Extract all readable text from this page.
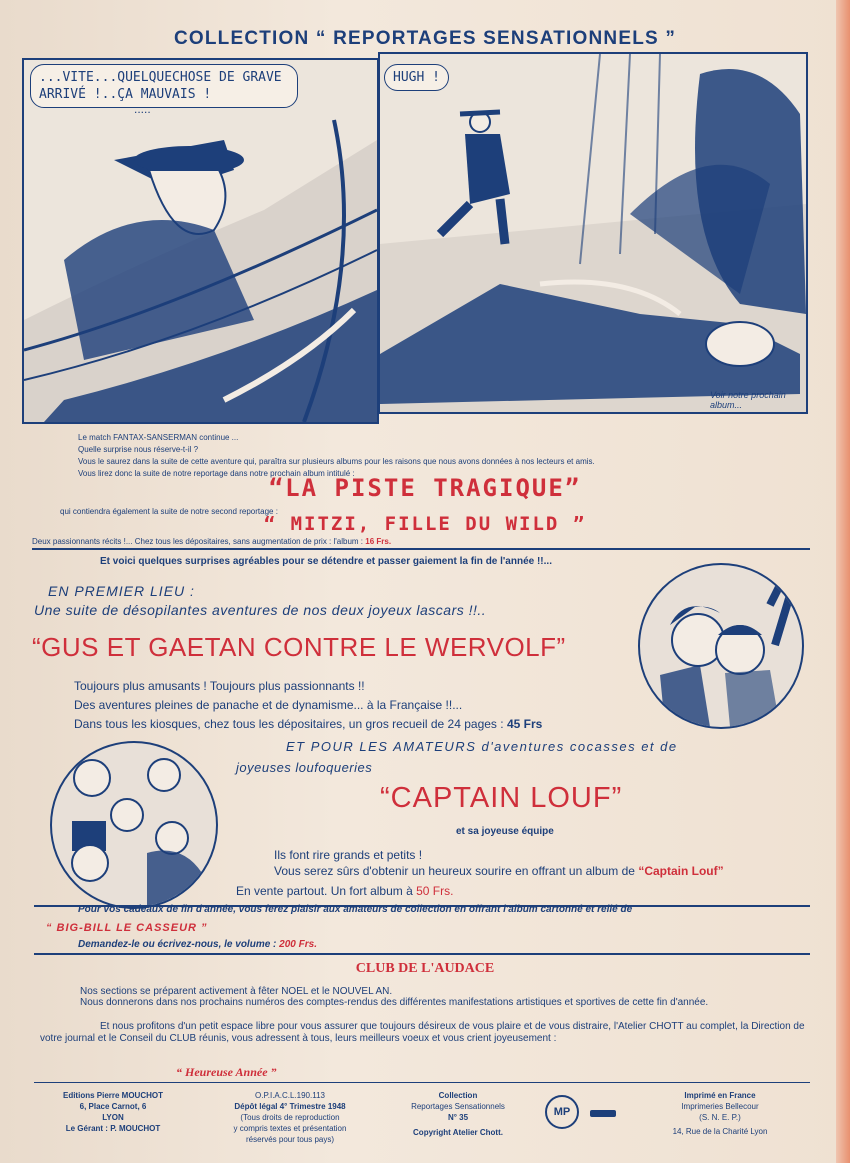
COLLECTION “ REPORTAGES SENSATIONNELS ”
...VITE...QUELQUECHOSE DE GRAVE ARRIVÉ !..ÇA MAUVAIS !
.....
HUGH !
Voir notre prochain album...
Le match FANTAX-SANSERMAN continue ...
Quelle surprise nous réserve-t-il ?
Vous le saurez dans la suite de cette aventure qui, paraîtra sur plusieurs albums pour les raisons que nous avons données à nos lecteurs et amis.
Vous lirez donc la suite de notre reportage dans notre prochain album intitulé :
“LA PISTE TRAGIQUE”
qui contiendra également la suite de notre second reportage :
“ MITZI, FILLE DU WILD ”
Deux passionnants récits !... Chez tous les dépositaires, sans augmentation de prix : l'album : 16 Frs.
Et voici quelques surprises agréables pour se détendre et passer gaiement la fin de l'année !!...
EN PREMIER LIEU :
Une suite de désopilantes aventures de nos deux joyeux lascars !!..
“GUS ET GAETAN CONTRE LE WERVOLF”
Toujours plus amusants ! Toujours plus passionnants !!
Des aventures pleines de panache et de dynamisme... à la Française !!...
Dans tous les kiosques, chez tous les dépositaires, un gros recueil de 24 pages : 45 Frs
ET POUR LES AMATEURS d'aventures cocasses et de
joyeuses loufoqueries
“CAPTAIN LOUF”
et sa joyeuse équipe
Ils font rire grands et petits !
Vous serez sûrs d'obtenir un heureux sourire en offrant un album de “Captain Louf”
En vente partout. Un fort album à 50 Frs.
Pour vos cadeaux de fin d'année, vous ferez plaisir aux amateurs de collection en offrant l'album cartonné et relié de
“ BIG-BILL LE CASSEUR ”
Demandez-le ou écrivez-nous, le volume : 200 Frs.
CLUB DE L'AUDACE
Nos sections se préparent activement à fêter NOEL et le NOUVEL AN.
Nous donnerons dans nos prochains numéros des comptes-rendus des différentes manifestations artistiques et sportives de cette fin d'année.
Et nous profitons d'un petit espace libre pour vous assurer que toujours désireux de vous plaire et de vous distraire, l'Atelier CHOTT au complet, la Direction de votre journal et le Conseil du CLUB réunis, vous adressent à tous, leurs meilleurs voeux et vous crient joyeusement :
“ Heureuse Année ”
Editions Pierre MOUCHOT
6, Place Carnot, 6
LYON
Le Gérant : P. MOUCHOT
O.P.I.A.C.L.190.113
Dépôt légal 4° Trimestre 1948
(Tous droits de reproduction
y compris textes et présentation
réservés pour tous pays)
Collection
Reportages Sensationnels
N° 35
Copyright Atelier Chott.
MP
Imprimé en France
Imprimeries Bellecour
(S. N. E. P.)
14, Rue de la Charité Lyon
